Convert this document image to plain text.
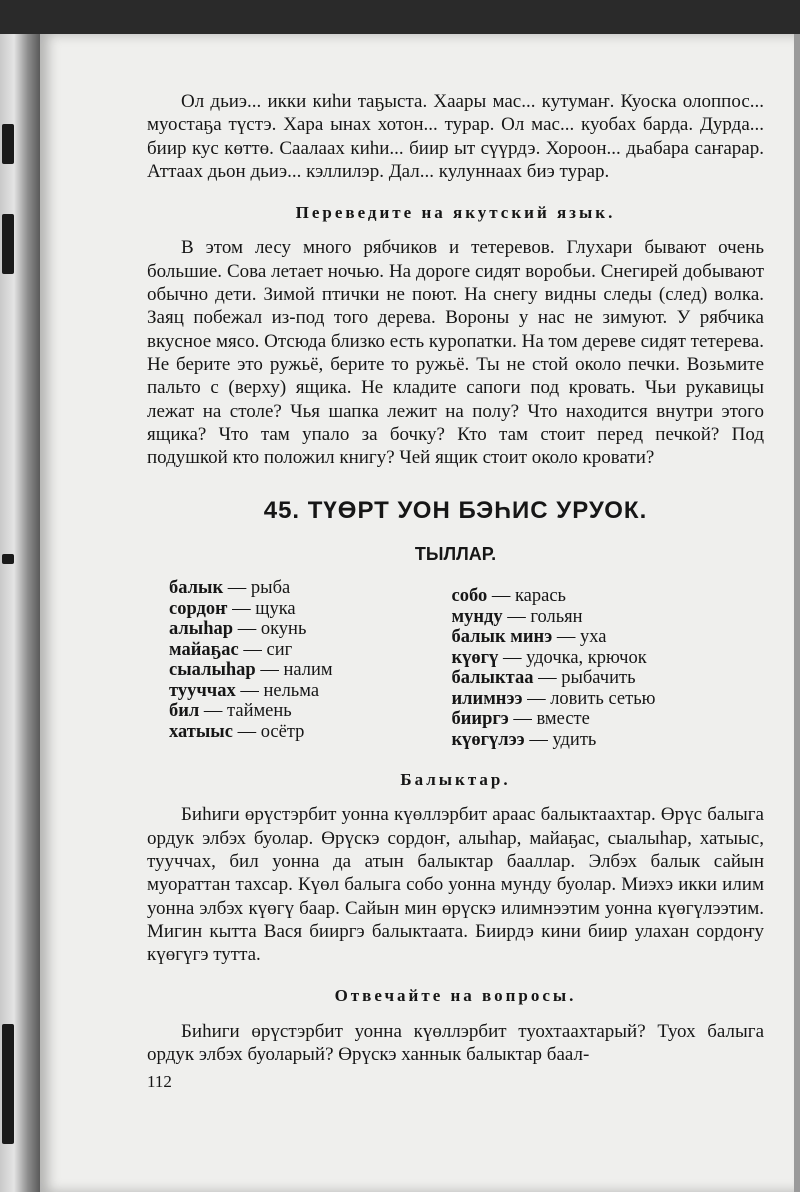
Ол дьиэ... икки киhи тaҕыста. Хаары мас... кутумаҥ. Куоска олоппос... муостаҕа түстэ. Хара ынах хотон... турар. Ол мас... куобах барда. Дурда... биир кус көттө. Саалаах киhи... биир ыт сүүрдэ. Хороон... дьабара саҥарар. Аттаах дьон дьиэ... кэллилэр. Дал... кулуннаах биэ турар.

Переведите на якутский язык.

В этом лесу много рябчиков и тетеревов. Глухари бывают очень большие. Сова летает ночью. На дороге сидят воробьи. Снегирей добывают обычно дети. Зимой птички не поют. На снегу видны следы (след) волка. Заяц побежал из-под того дерева. Вороны у нас не зимуют. У рябчика вкусное мясо. Отсюда близко есть куропатки. На том дереве сидят тетерева. Не берите это ружьё, берите то ружьё. Ты не стой около печки. Возьмите пальто с (верху) ящика. Не кладите сапоги под кровать. Чьи рукавицы лежат на столе? Чья шапка лежит на полу? Что находится внутри этого ящика? Что там упало за бочку? Кто там стоит перед печкой? Под подушкой кто положил книгу? Чей ящик стоит около кровати?

45. ТҮӨРТ УОН БЭҺИС УРУОК.
ТЫЛЛАР.
балык — рыба
сордоҥ — щука
алыhар — окунь
майаҕас — сиг
сыалыhар — налим
тууччах — нельма
бил — таймень
хатыыс — осётр
собо — карась
мунду — гольян
балык минэ — уха
күөгү — удочка, крючок
балыктаа — рыбачить
илимнээ — ловить сетью
бииргэ — вместе
күөгүлээ — удить
Балыктар.

Биhиги өрүстэрбит уонна күөллэрбит араас балыктаахтар. Өрүс балыга ордук элбэх буолар. Өрүскэ сордоҥ, алыhар, майаҕас, сыалыhар, хатыыс, тууччах, бил уонна да атын балыктар бааллар. Элбэх балык сайын муораттан тахсар. Күөл балыга собо уонна мунду буолар. Миэхэ икки илим уонна элбэх күөгү баар. Сайын мин өрүскэ илимнээтим уонна күөгүлээтим. Мигин кытта Вася бииргэ балыктаата. Биирдэ кини биир улахан сордоҥу күөгүгэ тутта.

Отвечайте на вопросы.

Биhиги өрүстэрбит уонна күөллэрбит туохтаахтарый? Туох балыга ордук элбэх буоларый? Өрүскэ ханнык балыктар баал-

112
